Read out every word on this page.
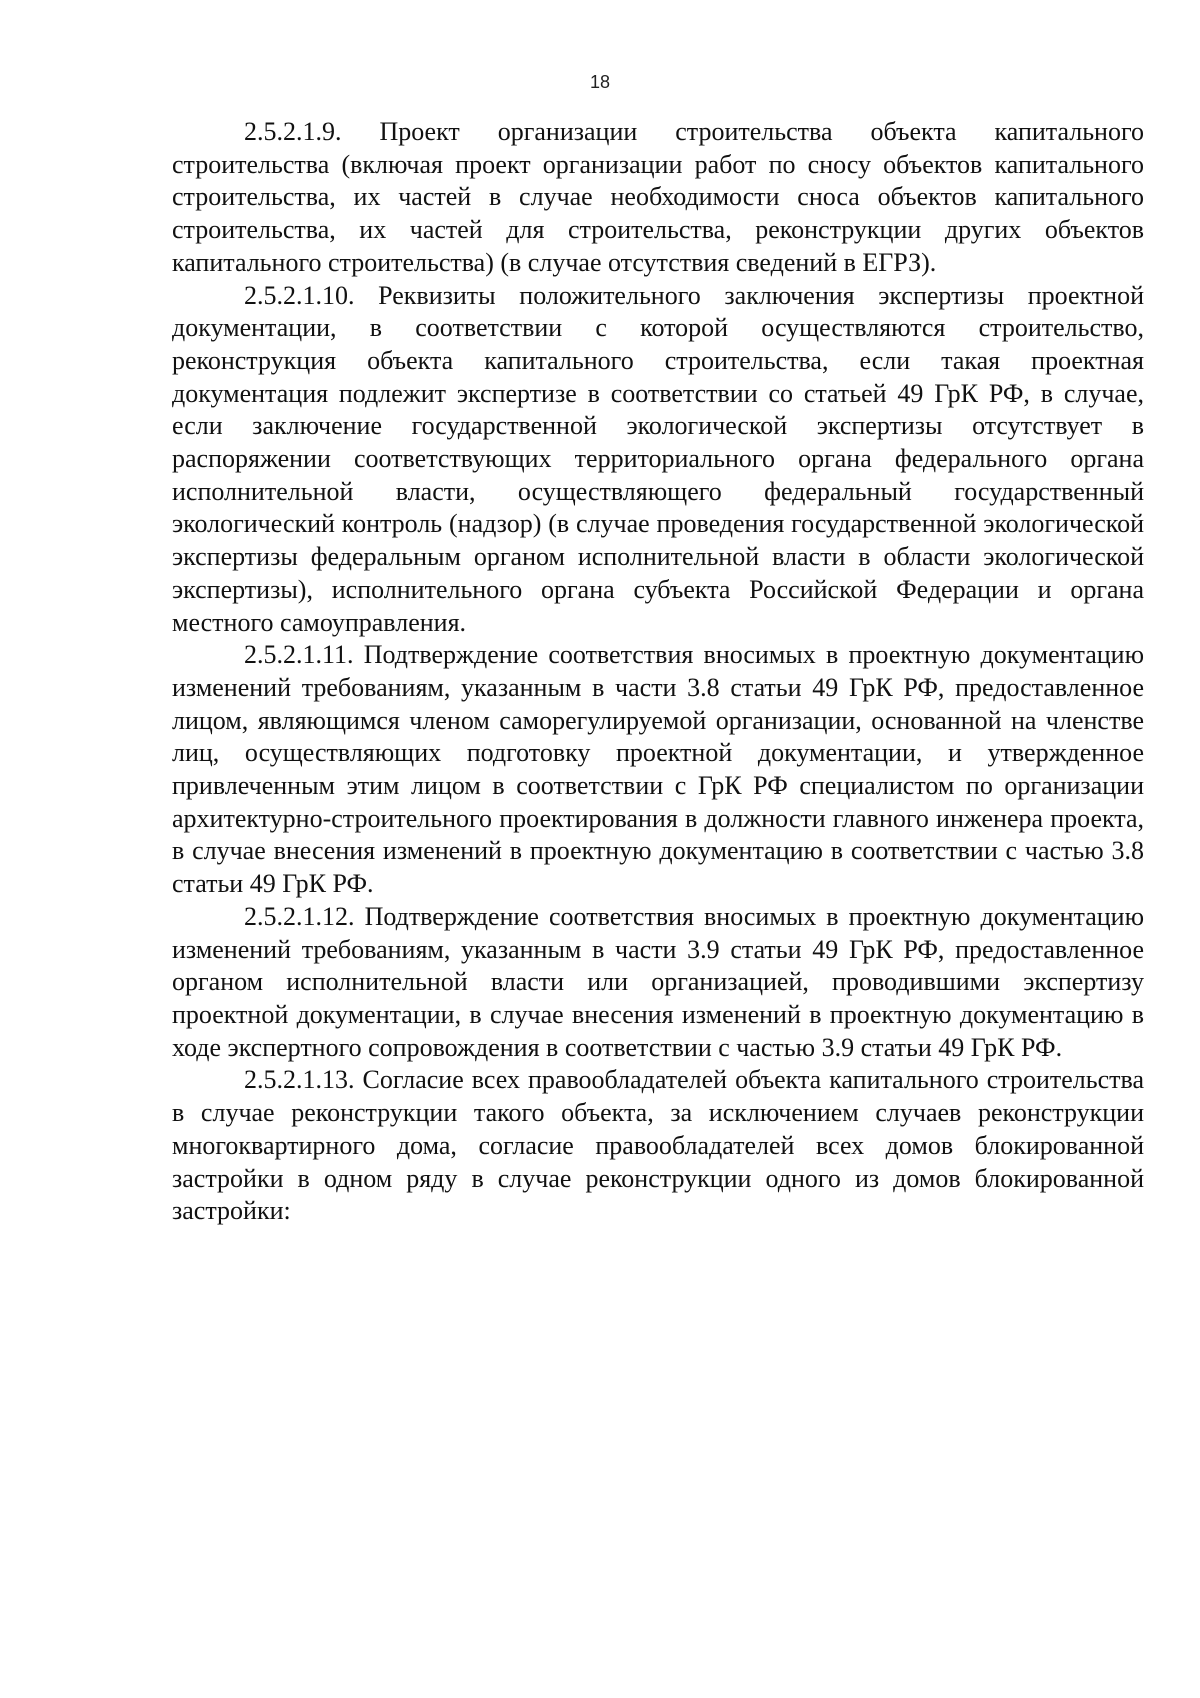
18

2.5.2.1.9. Проект организации строительства объекта капитального строительства (включая проект организации работ по сносу объектов капитального строительства, их частей в случае необходимости сноса объектов капитального строительства, их частей для строительства, реконструкции других объектов капитального строительства) (в случае отсутствия сведений в ЕГРЗ).

2.5.2.1.10. Реквизиты положительного заключения экспертизы проектной документации, в соответствии с которой осуществляются строительство, реконструкция объекта капитального строительства, если такая проектная документация подлежит экспертизе в соответствии со статьей 49 ГрК РФ, в случае, если заключение государственной экологической экспертизы отсутствует в распоряжении соответствующих территориального органа федерального органа исполнительной власти, осуществляющего федеральный государственный экологический контроль (надзор) (в случае проведения государственной экологической экспертизы федеральным органом исполнительной власти в области экологической экспертизы), исполнительного органа субъекта Российской Федерации и органа местного самоуправления.

2.5.2.1.11. Подтверждение соответствия вносимых в проектную документацию изменений требованиям, указанным в части 3.8 статьи 49 ГрК РФ, предоставленное лицом, являющимся членом саморегулируемой организации, основанной на членстве лиц, осуществляющих подготовку проектной документации, и утвержденное привлеченным этим лицом в соответствии с ГрК РФ специалистом по организации архитектурно-строительного проектирования в должности главного инженера проекта, в случае внесения изменений в проектную документацию в соответствии с частью 3.8 статьи 49 ГрК РФ.

2.5.2.1.12. Подтверждение соответствия вносимых в проектную документацию изменений требованиям, указанным в части 3.9 статьи 49 ГрК РФ, предоставленное органом исполнительной власти или организацией, проводившими экспертизу проектной документации, в случае внесения изменений в проектную документацию в ходе экспертного сопровождения в соответствии с частью 3.9 статьи 49 ГрК РФ.

2.5.2.1.13. Согласие всех правообладателей объекта капитального строительства в случае реконструкции такого объекта, за исключением случаев реконструкции многоквартирного дома, согласие правообладателей всех домов блокированной застройки в одном ряду в случае реконструкции одного из домов блокированной застройки:
